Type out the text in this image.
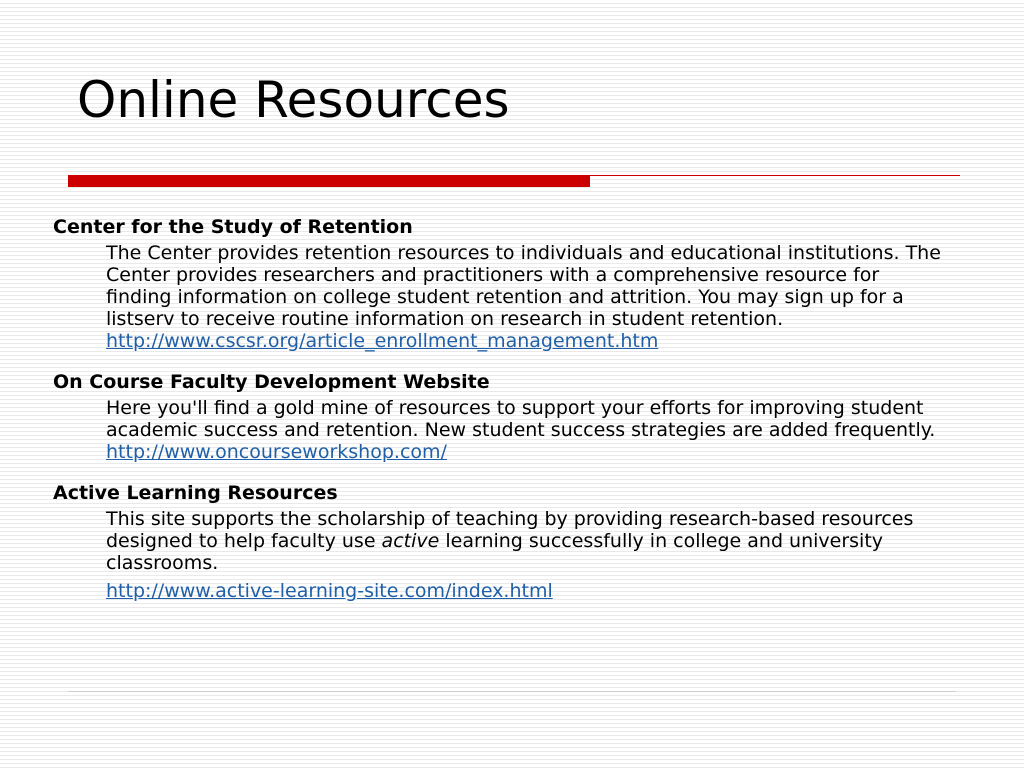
Online Resources
Center for the Study of Retention
The Center provides retention resources to individuals and educational institutions. The Center provides researchers and practitioners with a comprehensive resource for finding information on college student retention and attrition. You may sign up for a listserv to receive routine information on research in student retention.
http://www.cscsr.org/article_enrollment_management.htm
On Course Faculty Development Website
Here you'll find a gold mine of resources to support your efforts for improving student academic success and retention. New student success strategies are added frequently.
http://www.oncourseworkshop.com/
Active Learning Resources
This site supports the scholarship of teaching by providing research-based resources designed to help faculty use active learning successfully in college and university classrooms.
http://www.active-learning-site.com/index.html
